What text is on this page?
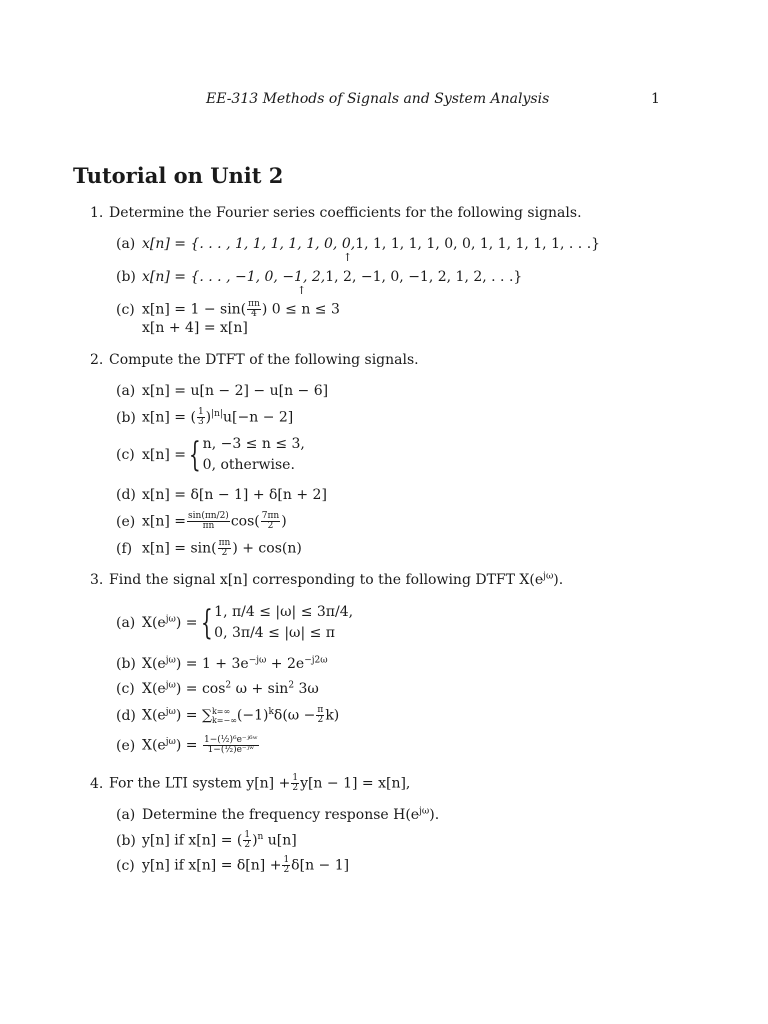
EE-313 Methods of Signals and System Analysis	1
Tutorial on Unit 2
1. Determine the Fourier series coefficients for the following signals.
(a) x[n] = {. . . , 1, 1, 1, 1, 1, 0, 0,1, 1, 1, 1, 1, 0, 0, 1, 1, 1, 1, 1, . . .}
↑
(b) x[n] = {. . . , −1, 0, −1, 2,1, 2, −1, 0, −1, 2, 1, 2, . . .}
↑
(c) $x[n] = 1 - \sin( \frac{\pi n}{4}$ ) 0 ≤ n ≤ 3
x[n + 4] = x[n]
2. Compute the DTFT of the following signals.
(a) x[n] = u[n − 2] − u[n − 6]
(b) x[n] = ( $\frac{1}{3} )^{|n|}u[-n - 2]$
(c) x[n] ={ n, −3 ≤ n ≤ 3,
0, otherwise.
(d) x[n] = δ[n − 1] + δ[n + 2]
(e) $x[n] = \frac{\sin(\pi n/2)}{\pi n} \cos( \frac{7\pi n}{2}$ )
(f) $x[n] = \sin( \frac{\pi n}{2}$ ) + cos(n)
3. Find the signal x[n] corresponding to the following DTFT $X(e^{j\omega})$.
(a) $X(e^{j\omega})$ ={ 1, π/4 ≤ |ω| ≤ 3π/4,
0, 3π/4 ≤ |ω| ≤ π
(b) $X(e^{j\omega}) = 1 + 3e^{-j\omega} + 2e^{-j2\omega}$
(c) $X(e^{j\omega}) = \cos^2 \omega + \sin^2 3\omega$
(d) $X(e^{j\omega})$ = ∑ k=∞
k=−∞ $(-1)^k\delta(\omega - \frac{\pi}{2} k)$
(e) $X(e^{j\omega}) = \frac{\text{1−(½)⁶e⁻ʲ⁶ʷ}}{\text{1−(½)e⁻ʲʷ}}$
4. For the LTI system $y[n] + \frac{1}{2} y[n - 1] = x[n]$,
(a) Determine the frequency response $H(e^{j\omega})$.
(b) y[n] if x[n] = ( $\frac{1}{2} )^n$ u[n]
(c) y[n] if $x[n] = \delta[n] + \frac{1}{2} \delta[n - 1]$
